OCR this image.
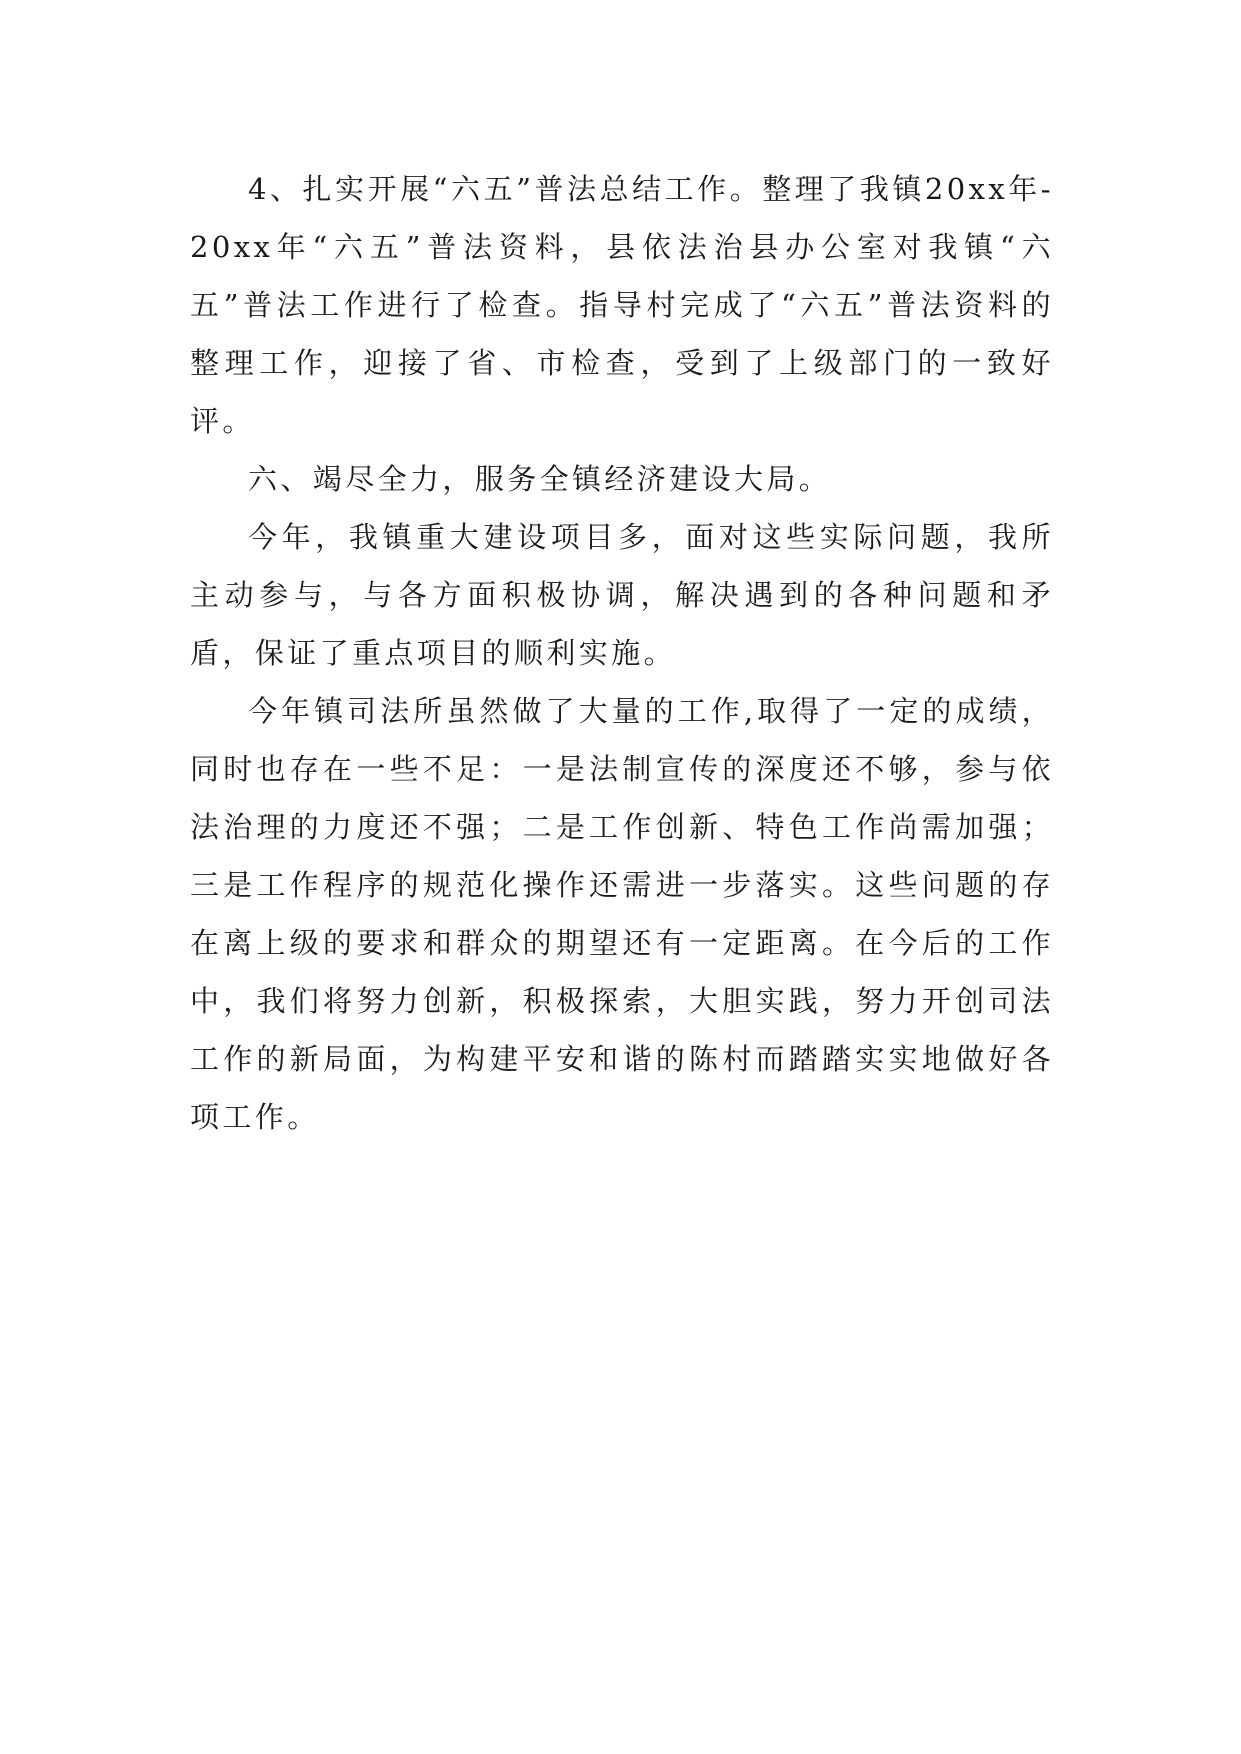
4、扎实开展“六五”普法总结工作。整理了我镇20xx年-20xx年“六五”普法资料，县依法治县办公室对我镇“六五”普法工作进行了检查。指导村完成了“六五”普法资料的整理工作，迎接了省、市检查，受到了上级部门的一致好评。

六、竭尽全力，服务全镇经济建设大局。

今年，我镇重大建设项目多，面对这些实际问题，我所主动参与，与各方面积极协调，解决遇到的各种问题和矛盾，保证了重点项目的顺利实施。

今年镇司法所虽然做了大量的工作,取得了一定的成绩，同时也存在一些不足：一是法制宣传的深度还不够，参与依法治理的力度还不强；二是工作创新、特色工作尚需加强；三是工作程序的规范化操作还需进一步落实。这些问题的存在离上级的要求和群众的期望还有一定距离。在今后的工作中，我们将努力创新，积极探索，大胆实践，努力开创司法工作的新局面，为构建平安和谐的陈村而踏踏实实地做好各项工作。
